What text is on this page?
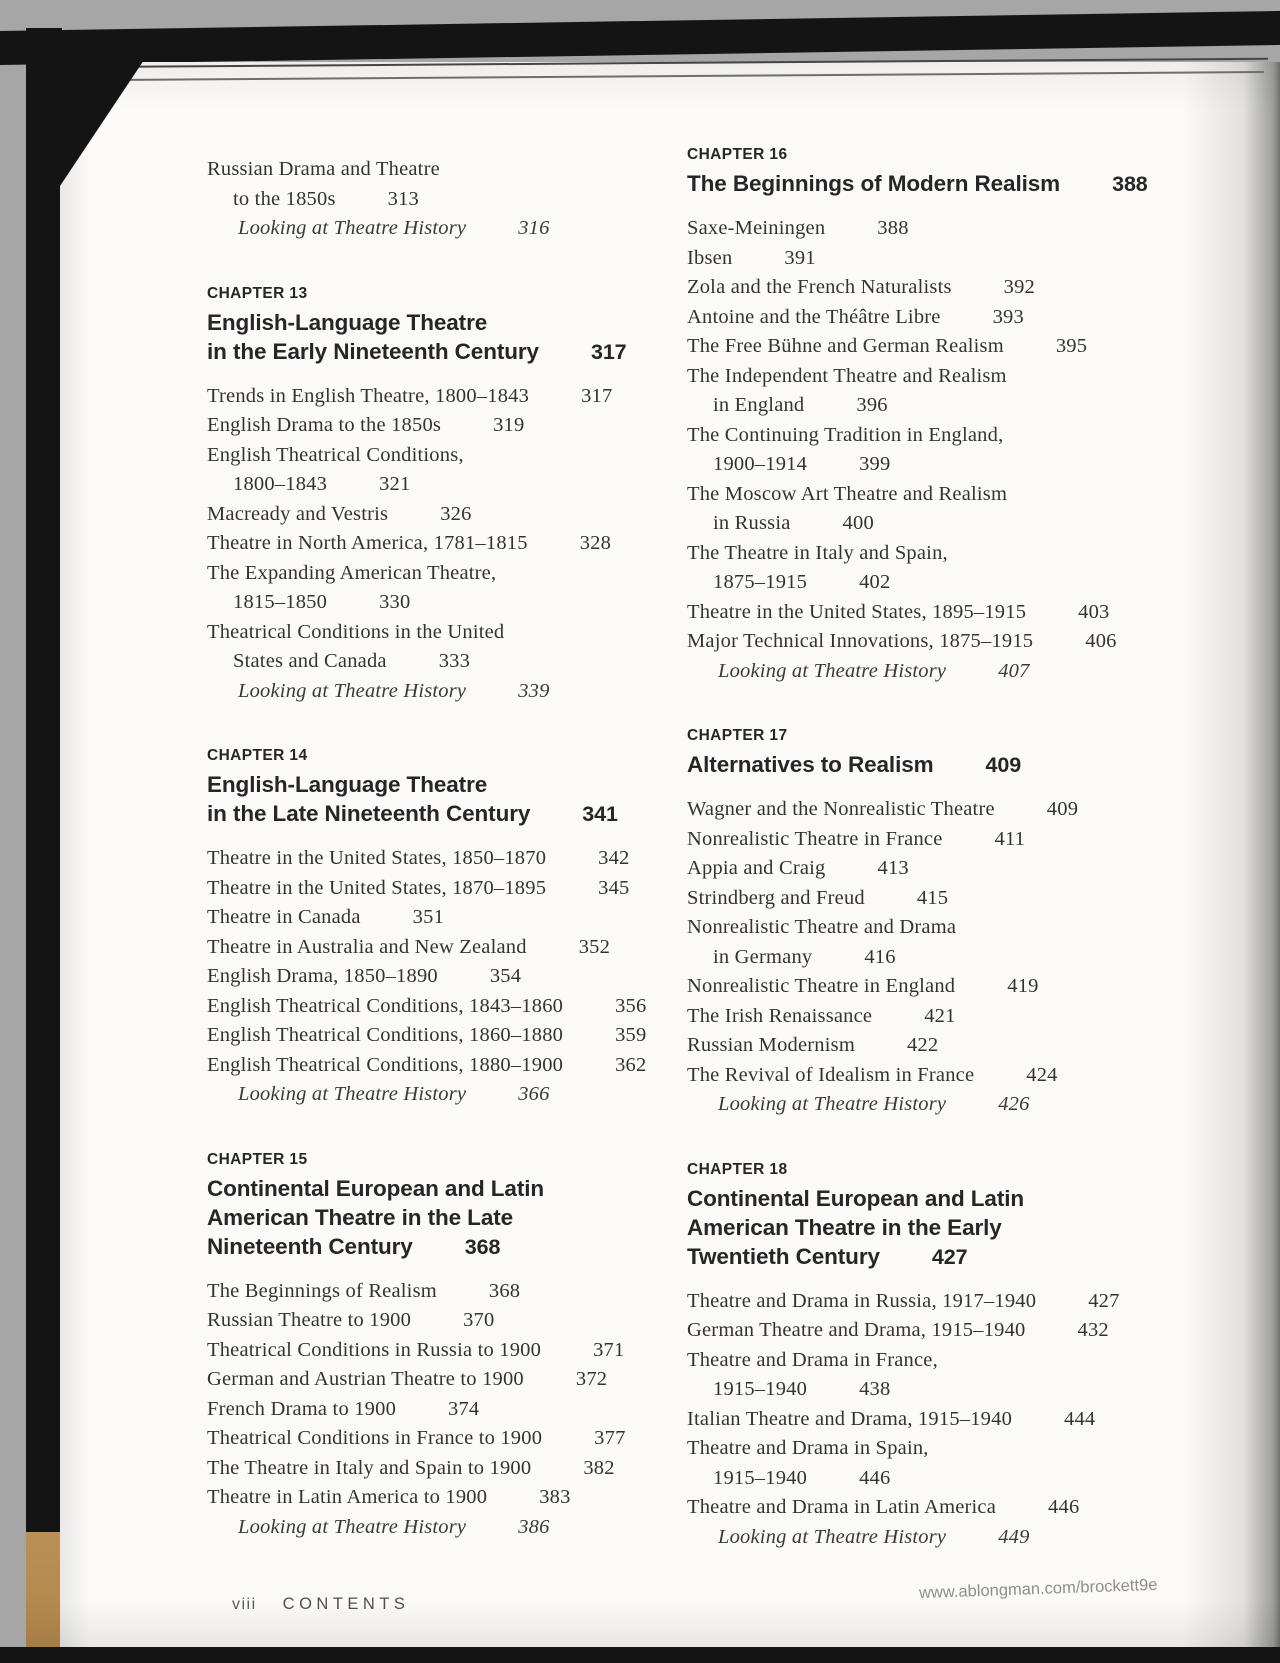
Russian Drama and Theatre
to the 1850s	313
Looking at Theatre History	316
CHAPTER 13
English-Language Theatre
in the Early Nineteenth Century 317
Trends in English Theatre, 1800–1843	317
English Drama to the 1850s	319
English Theatrical Conditions,
1800–1843	321
Macready and Vestris	326
Theatre in North America, 1781–1815	328
The Expanding American Theatre,
1815–1850	330
Theatrical Conditions in the United
States and Canada	333
Looking at Theatre History	339
CHAPTER 14
English-Language Theatre
in the Late Nineteenth Century 341
Theatre in the United States, 1850–1870	342
Theatre in the United States, 1870–1895	345
Theatre in Canada	351
Theatre in Australia and New Zealand	352
English Drama, 1850–1890	354
English Theatrical Conditions, 1843–1860	356
English Theatrical Conditions, 1860–1880	359
English Theatrical Conditions, 1880–1900	362
Looking at Theatre History	366
CHAPTER 15
Continental European and Latin
American Theatre in the Late
Nineteenth Century 368
The Beginnings of Realism	368
Russian Theatre to 1900	370
Theatrical Conditions in Russia to 1900	371
German and Austrian Theatre to 1900	372
French Drama to 1900	374
Theatrical Conditions in France to 1900	377
The Theatre in Italy and Spain to 1900	382
Theatre in Latin America to 1900	383
Looking at Theatre History	386
CHAPTER 16
The Beginnings of Modern Realism 388
Saxe-Meiningen	388
Ibsen	391
Zola and the French Naturalists	392
Antoine and the Théâtre Libre	393
The Free Bühne and German Realism	395
The Independent Theatre and Realism
in England	396
The Continuing Tradition in England,
1900–1914	399
The Moscow Art Theatre and Realism
in Russia	400
The Theatre in Italy and Spain,
1875–1915	402
Theatre in the United States, 1895–1915	403
Major Technical Innovations, 1875–1915	406
Looking at Theatre History	407
CHAPTER 17
Alternatives to Realism 409
Wagner and the Nonrealistic Theatre	409
Nonrealistic Theatre in France	411
Appia and Craig	413
Strindberg and Freud	415
Nonrealistic Theatre and Drama
in Germany	416
Nonrealistic Theatre in England	419
The Irish Renaissance	421
Russian Modernism	422
The Revival of Idealism in France	424
Looking at Theatre History	426
CHAPTER 18
Continental European and Latin
American Theatre in the Early
Twentieth Century 427
Theatre and Drama in Russia, 1917–1940	427
German Theatre and Drama, 1915–1940	432
Theatre and Drama in France,
1915–1940	438
Italian Theatre and Drama, 1915–1940	444
Theatre and Drama in Spain,
1915–1940	446
Theatre and Drama in Latin America	446
Looking at Theatre History	449
viii CONTENTS
www.ablongman.com/brockett9e
